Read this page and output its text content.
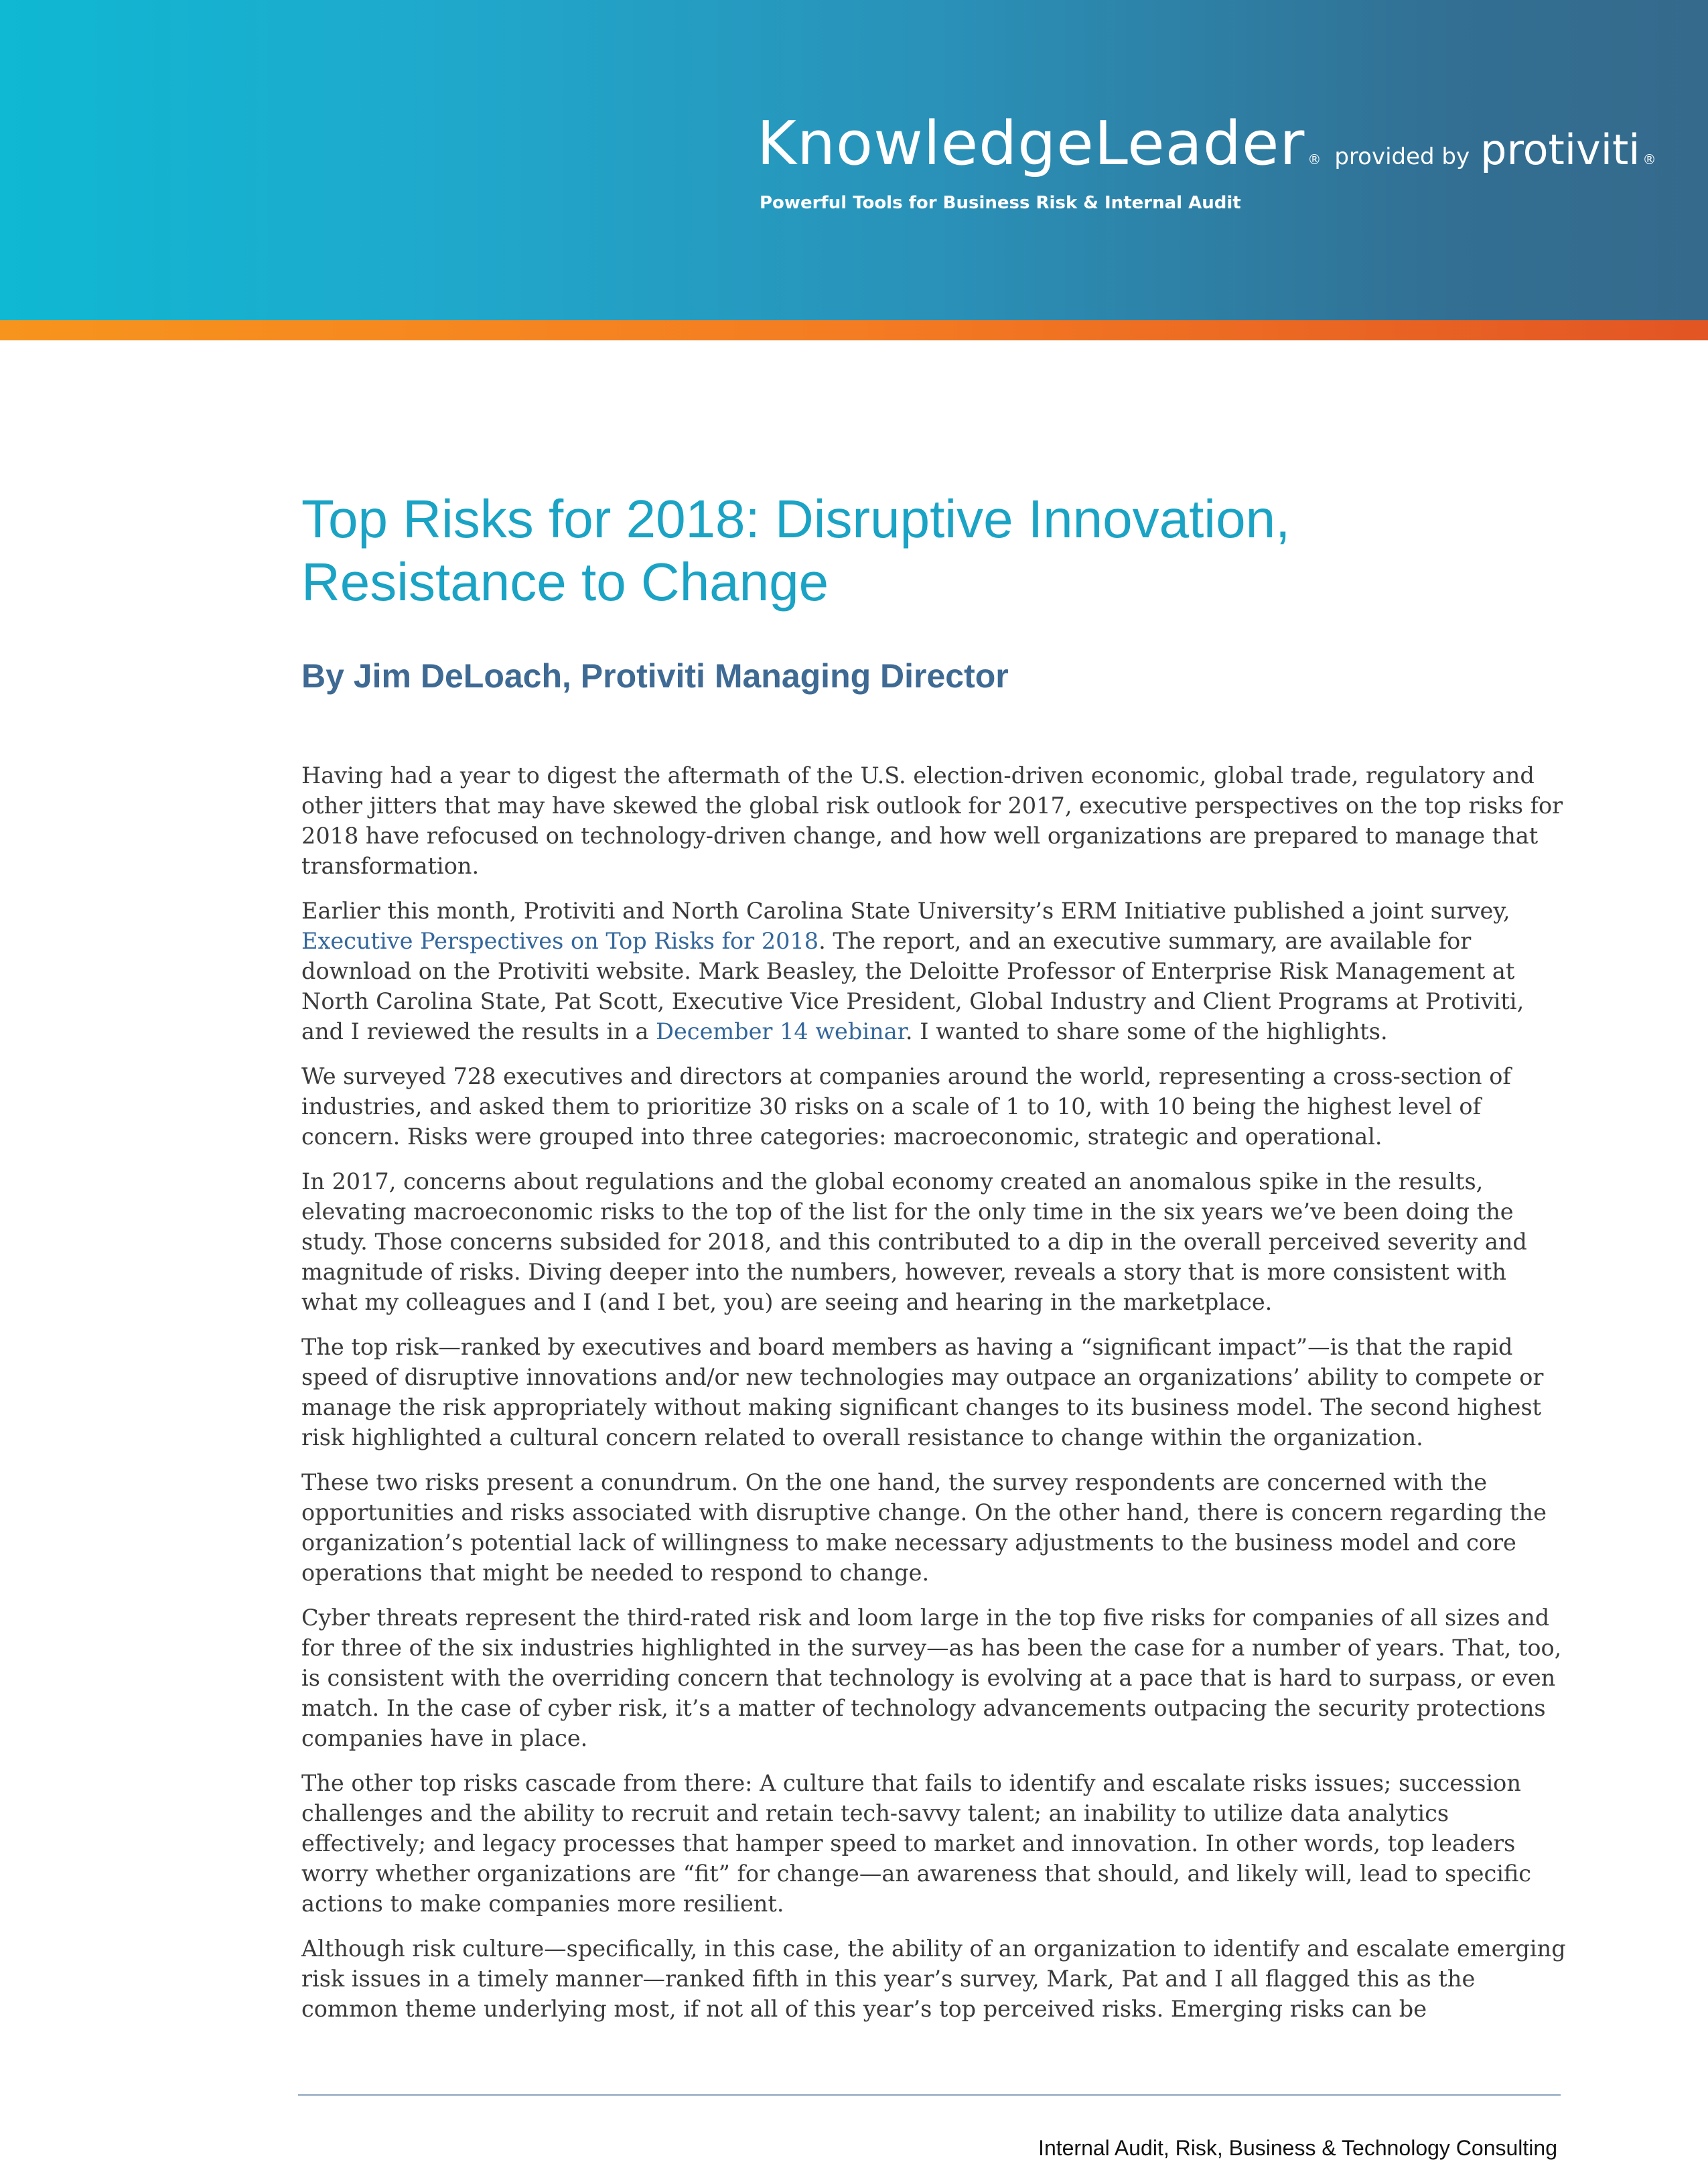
KnowledgeLeader ® provided by protiviti ®
Powerful Tools for Business Risk & Internal Audit
Top Risks for 2018: Disruptive Innovation, Resistance to Change
By Jim DeLoach, Protiviti Managing Director

Having had a year to digest the aftermath of the U.S. election-driven economic, global trade, regulatory and other jitters that may have skewed the global risk outlook for 2017, executive perspectives on the top risks for 2018 have refocused on technology-driven change, and how well organizations are prepared to manage that transformation.

Earlier this month, Protiviti and North Carolina State University’s ERM Initiative published a joint survey, Executive Perspectives on Top Risks for 2018. The report, and an executive summary, are available for download on the Protiviti website. Mark Beasley, the Deloitte Professor of Enterprise Risk Management at North Carolina State, Pat Scott, Executive Vice President, Global Industry and Client Programs at Protiviti, and I reviewed the results in a December 14 webinar. I wanted to share some of the highlights.

We surveyed 728 executives and directors at companies around the world, representing a cross-section of industries, and asked them to prioritize 30 risks on a scale of 1 to 10, with 10 being the highest level of concern. Risks were grouped into three categories: macroeconomic, strategic and operational.

In 2017, concerns about regulations and the global economy created an anomalous spike in the results, elevating macroeconomic risks to the top of the list for the only time in the six years we’ve been doing the study. Those concerns subsided for 2018, and this contributed to a dip in the overall perceived severity and magnitude of risks. Diving deeper into the numbers, however, reveals a story that is more consistent with what my colleagues and I (and I bet, you) are seeing and hearing in the marketplace.

The top risk—ranked by executives and board members as having a “significant impact”—is that the rapid speed of disruptive innovations and/or new technologies may outpace an organizations’ ability to compete or manage the risk appropriately without making significant changes to its business model. The second highest risk highlighted a cultural concern related to overall resistance to change within the organization.

These two risks present a conundrum. On the one hand, the survey respondents are concerned with the opportunities and risks associated with disruptive change. On the other hand, there is concern regarding the organization’s potential lack of willingness to make necessary adjustments to the business model and core operations that might be needed to respond to change.

Cyber threats represent the third-rated risk and loom large in the top five risks for companies of all sizes and for three of the six industries highlighted in the survey—as has been the case for a number of years. That, too, is consistent with the overriding concern that technology is evolving at a pace that is hard to surpass, or even match. In the case of cyber risk, it’s a matter of technology advancements outpacing the security protections companies have in place.

The other top risks cascade from there: A culture that fails to identify and escalate risks issues; succession challenges and the ability to recruit and retain tech-savvy talent; an inability to utilize data analytics effectively; and legacy processes that hamper speed to market and innovation. In other words, top leaders worry whether organizations are “fit” for change—an awareness that should, and likely will, lead to specific actions to make companies more resilient.

Although risk culture—specifically, in this case, the ability of an organization to identify and escalate emerging risk issues in a timely manner—ranked fifth in this year’s survey, Mark, Pat and I all flagged this as the common theme underlying most, if not all of this year’s top perceived risks. Emerging risks can be

Internal Audit, Risk, Business & Technology Consulting
